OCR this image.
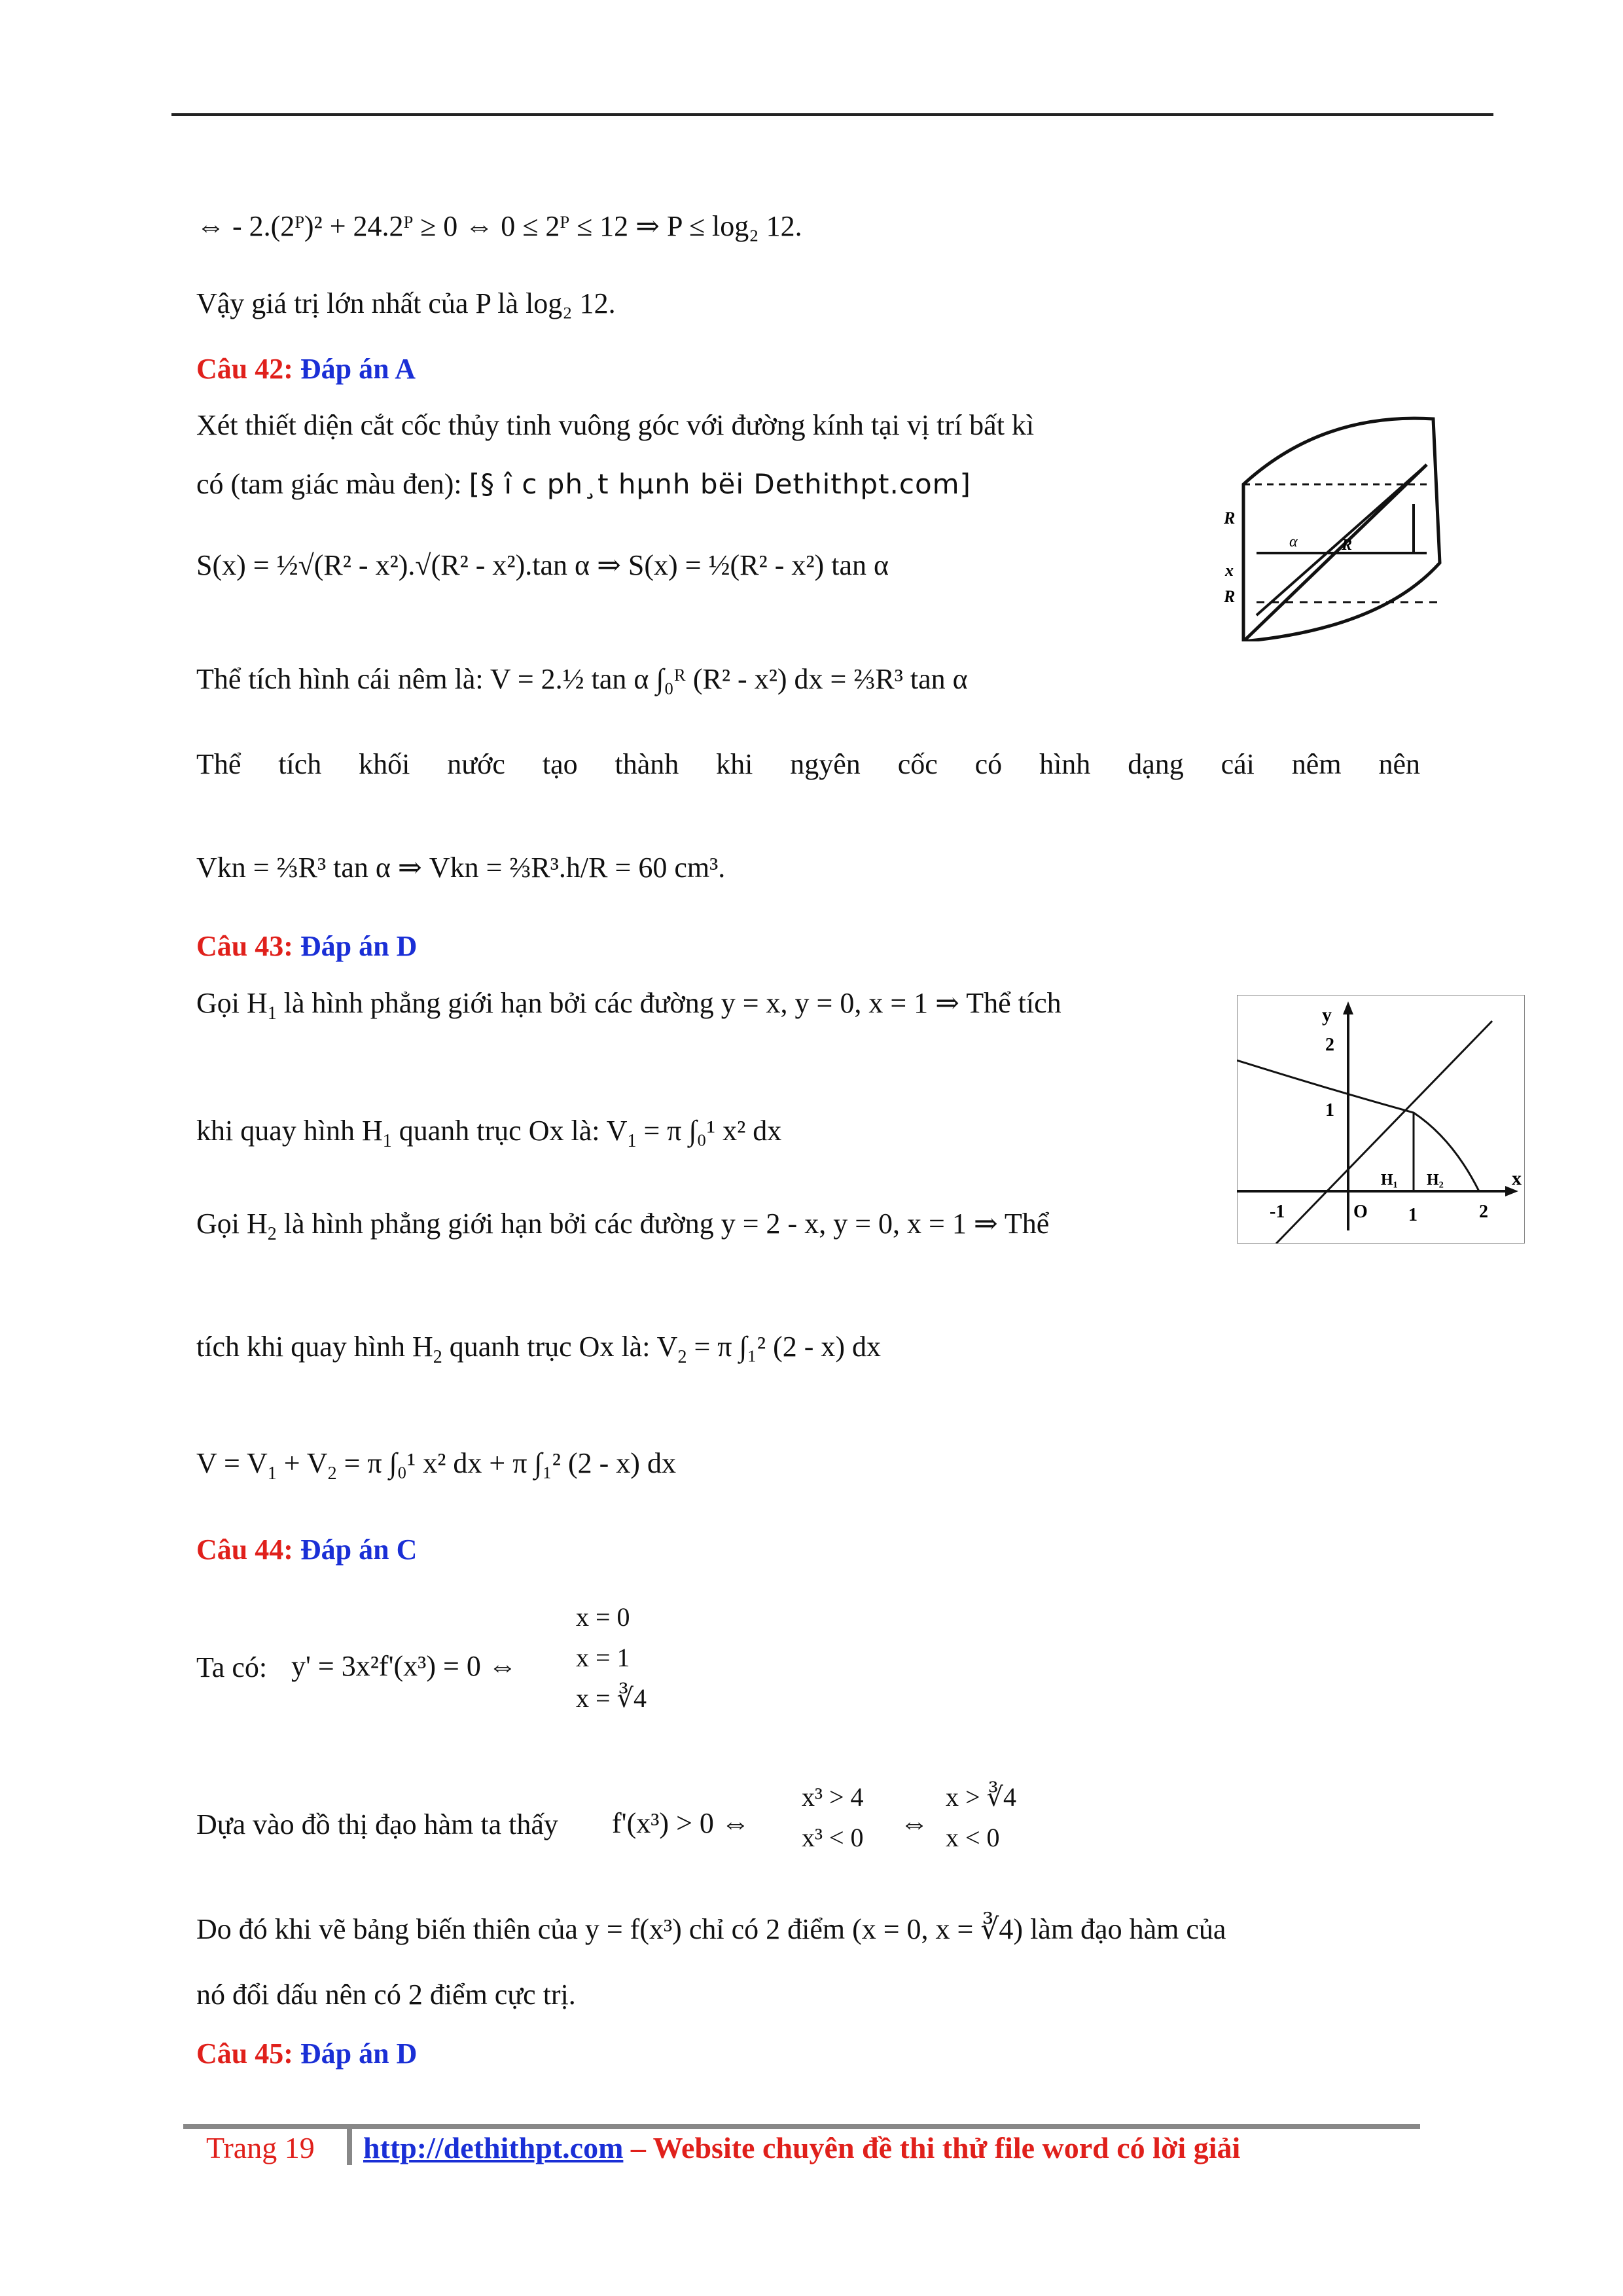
⇔ - 2.(2ᴾ)² + 24.2ᴾ ≥ 0 ⇔ 0 ≤ 2ᴾ ≤ 12 ⇒ P ≤ log₂ 12.
Vậy giá trị lớn nhất của P là log₂ 12.
Câu 42: Đáp án A
Xét thiết diện cắt cốc thủy tinh vuông góc với đường kính tại vị trí bất kì
có (tam giác màu đen): [§ î c ph¸t hµnh bëi Dethithpt.com]
S(x) = ½√(R² - x²).√(R² - x²).tan α ⇒ S(x) = ½(R² - x²) tan α
Thể tích hình cái nêm là: V = 2.½ tan α ∫₀ᴿ (R² - x²) dx = ⅔R³ tan α
Thể tích khối nước tạo thành khi ngyên cốc có hình dạng cái nêm nên
Vkn = ⅔R³ tan α ⇒ Vkn = ⅔R³.h/R = 60 cm³.
R
α	R
x
R
Câu 43: Đáp án D
Gọi $H_1$ là hình phẳng giới hạn bởi các đường y = x, y = 0, x = 1 ⇒ Thể tích
khi quay hình $H_1$ quanh trục Ox là: $V_1 = \pi$ ∫₀¹ x² dx
Gọi $H_2$ là hình phẳng giới hạn bởi các đường y = 2 - x, y = 0, x = 1 ⇒ Thể
tích khi quay hình $H_2$ quanh trục Ox là: $V_2 = \pi$ ∫₁² (2 - x) dx
$V = V_1 + V_2 = \pi$ ∫₀¹ x² dx + π ∫₁² (2 - x) dx
y
x
2
1
-1	O 1	2
H₁ H₂
Câu 44: Đáp án C
Ta có: y' = 3x²f'(x³) = 0 ⇔
x = 0
x = 1
x = ∛4
Dựa vào đồ thị đạo hàm ta thấy f'(x³) > 0 ⇔
x³ > 4
x³ < 0 ⇔
x > ∛4
x < 0
Do đó khi vẽ bảng biến thiên của y = f(x³) chỉ có 2 điểm (x = 0, x = ∛4) làm đạo hàm của
nó đổi dấu nên có 2 điểm cực trị.
Câu 45: Đáp án D
Trang 19 http://dethithpt.com – Website chuyên đề thi thử file word có lời giải
